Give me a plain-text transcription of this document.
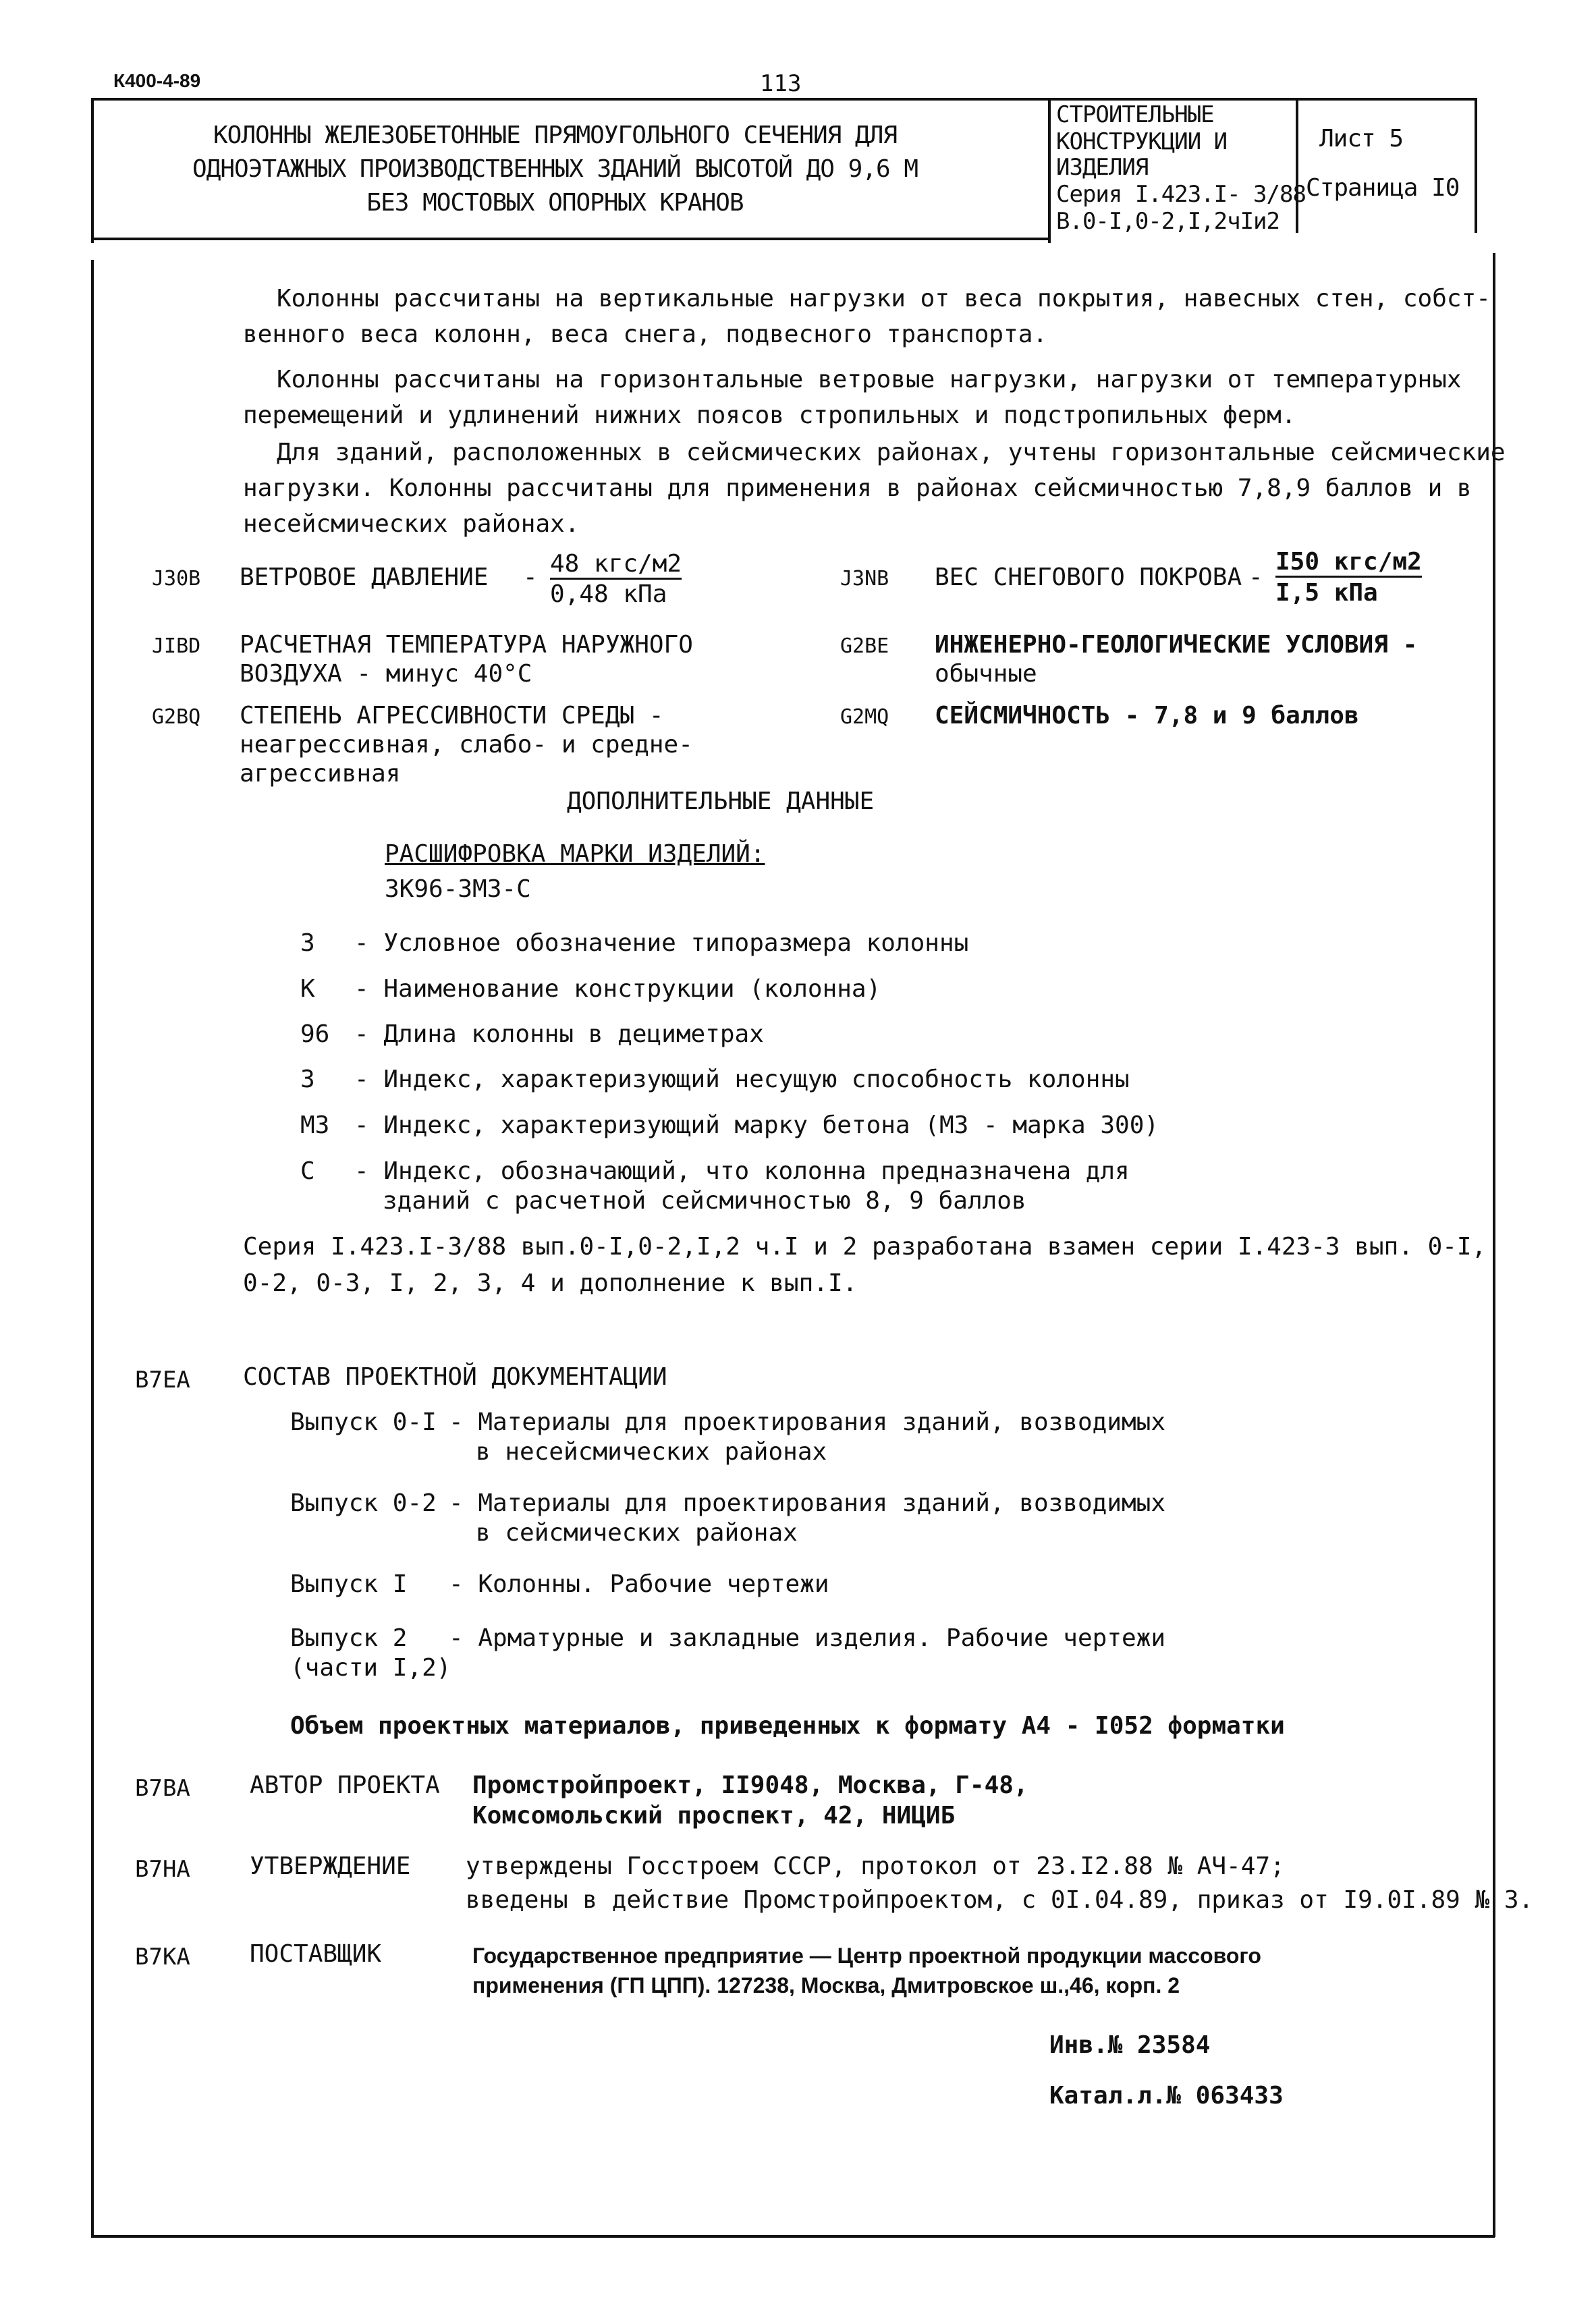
К400-4-89	113
КОЛОННЫ ЖЕЛЕЗОБЕТОННЫЕ ПРЯМОУГОЛЬНОГО СЕЧЕНИЯ ДЛЯ
ОДНОЭТАЖНЫХ ПРОИЗВОДСТВЕННЫХ ЗДАНИЙ ВЫСОТОЙ ДО 9,6 М
БЕЗ МОСТОВЫХ ОПОРНЫХ КРАНОВ
СТРОИТЕЛЬНЫЕ
КОНСТРУКЦИИ И
ИЗДЕЛИЯ
Серия I.423.I- 3/88
В.0-I,0-2,I,2чIи2
Лист 5
Страница I0
Колонны рассчитаны на вертикальные нагрузки от веса покрытия, навесных стен, собст-
венного веса колонн, веса снега, подвесного транспорта.
Колонны рассчитаны на горизонтальные ветровые нагрузки, нагрузки от температурных
перемещений и удлинений нижних поясов стропильных и подстропильных ферм.
Для зданий, расположенных в сейсмических районах, учтены горизонтальные сейсмические
нагрузки. Колонны рассчитаны для применения в районах сейсмичностью 7,8,9 баллов и в
несейсмических районах.
J30B ВЕТРОВОЕ ДАВЛЕНИЕ - 48 кгс/м2
0,48 кПа
J3NB ВЕС СНЕГОВОГО ПОКРОВА -
I50 кгс/м2
I,5 кПа
JIBD РАСЧЕТНАЯ ТЕМПЕРАТУРА НАРУЖНОГО
ВОЗДУХА - минус 40°С
G2BE ИНЖЕНЕРНО-ГЕОЛОГИЧЕСКИЕ УСЛОВИЯ -
обычные
G2BQ СТЕПЕНЬ АГРЕССИВНОСТИ СРЕДЫ -
неагрессивная, слабо- и средне-
агрессивная
G2MQ СЕЙСМИЧНОСТЬ - 7,8 и 9 баллов
ДОПОЛНИТЕЛЬНЫЕ ДАННЫЕ
РАСШИФРОВКА МАРКИ ИЗДЕЛИЙ:
3К96-3М3-С
3 - Условное обозначение типоразмера колонны
К - Наименование конструкции (колонна)
96 - Длина колонны в дециметрах
3 - Индекс, характеризующий несущую способность колонны
М3 - Индекс, характеризующий марку бетона (М3 - марка 300)
С - Индекс, обозначающий, что колонна предназначена для
зданий с расчетной сейсмичностью 8, 9 баллов
Серия I.423.I-3/88 вып.0-I,0-2,I,2 ч.I и 2 разработана взамен серии I.423-3 вып. 0-I,
0-2, 0-3, I, 2, 3, 4 и дополнение к вып.I.
B7EA СОСТАВ ПРОЕКТНОЙ ДОКУМЕНТАЦИИ
Выпуск 0-I - Материалы для проектирования зданий, возводимых
в несейсмических районах
Выпуск 0-2 - Материалы для проектирования зданий, возводимых
в сейсмических районах
Выпуск I - Колонны. Рабочие чертежи
Выпуск 2 - Арматурные и закладные изделия. Рабочие чертежи
(части I,2)
Объем проектных материалов, приведенных к формату А4 - I052 форматки
B7BA АВТОР ПРОЕКТА Промстройпроект, II9048, Москва, Г-48,
Комсомольский проспект, 42, НИЦИБ
B7HA УТВЕРЖДЕНИЕ утверждены Госстроем СССР, протокол от 23.I2.88 № АЧ-47;
введены в действие Промстройпроектом, с 0I.04.89, приказ от I9.0I.89 № 3.
B7KA ПОСТАВЩИК	Государственное предприятие — Центр проектной продукции массового
применения (ГП ЦПП). 127238, Москва, Дмитровское ш.,46, корп. 2
Инв.№ 23584
Катал.л.№ 063433
